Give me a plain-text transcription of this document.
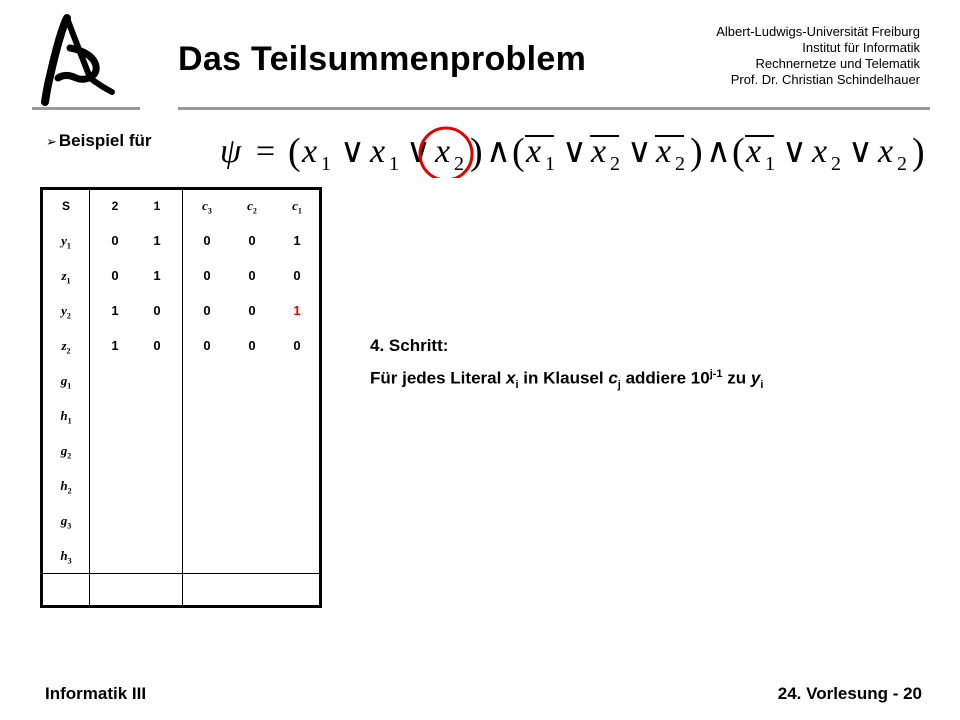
Das Teilsummenproblem
Albert-Ludwigs-Universität Freiburg
Institut für Informatik
Rechnernetze und Telematik
Prof. Dr. Christian Schindelhauer
➢ Beispiel für ψ = ( x 1 ∨ x 1 ∨ x 2 ) ∧ ( x 1 ∨ x 2 ∨ x 2 ) ∧ ( x 1 ∨ x 2 ∨ x 2 )
S	2	1	$c_3$	$c_2$	$c_1$
$y_1$	0	1	0	0	1
$z_1$	0	1	0	0	0
$y_2$	1	0	0	0	1
$z_2$	1	0	0	0	0
$g_1$
$h_1$
$g_2$
$h_2$
$g_3$
$h_3$
4. Schritt:
Für jedes Literal $x_i$ in Klausel $c_j$ addiere 10$^{j-1}$ zu $y_i$
Informatik III	24. Vorlesung - 20
